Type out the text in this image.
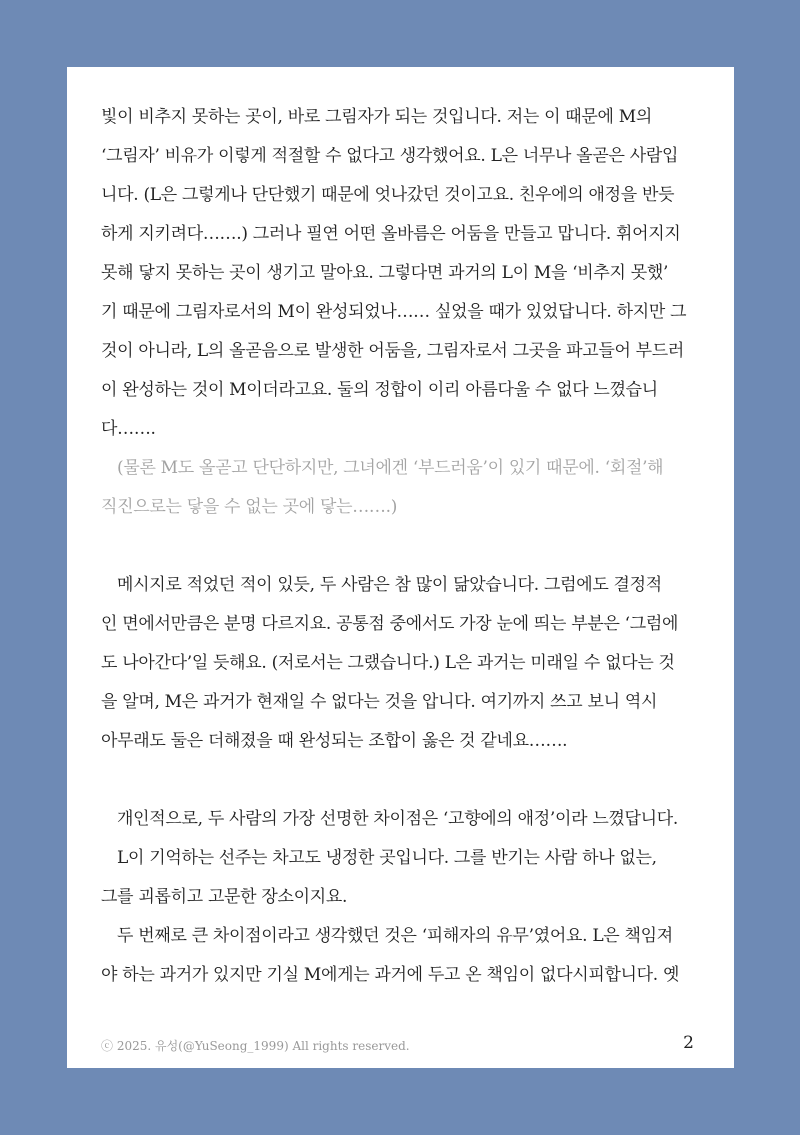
빛이 비추지 못하는 곳이, 바로 그림자가 되는 것입니다. 저는 이 때문에 M의
‘그림자’ 비유가 이렇게 적절할 수 없다고 생각했어요. L은 너무나 올곧은 사람입
니다. (L은 그렇게나 단단했기 때문에 엇나갔던 것이고요. 친우에의 애정을 반듯
하게 지키려다…….) 그러나 필연 어떤 올바름은 어둠을 만들고 맙니다. 휘어지지
못해 닿지 못하는 곳이 생기고 말아요. 그렇다면 과거의 L이 M을 ‘비추지 못했’
기 때문에 그림자로서의 M이 완성되었나…… 싶었을 때가 있었답니다. 하지만 그
것이 아니라, L의 올곧음으로 발생한 어둠을, 그림자로서 그곳을 파고들어 부드러
이 완성하는 것이 M이더라고요. 둘의 정합이 이리 아름다울 수 없다 느꼈습니
다…….
(물론 M도 올곧고 단단하지만, 그녀에겐 ‘부드러움’이 있기 때문에. ‘회절’해
직진으로는 닿을 수 없는 곳에 닿는…….)
메시지로 적었던 적이 있듯, 두 사람은 참 많이 닮았습니다. 그럼에도 결정적
인 면에서만큼은 분명 다르지요. 공통점 중에서도 가장 눈에 띄는 부분은 ‘그럼에
도 나아간다’일 듯해요. (저로서는 그랬습니다.) L은 과거는 미래일 수 없다는 것
을 알며, M은 과거가 현재일 수 없다는 것을 압니다. 여기까지 쓰고 보니 역시
아무래도 둘은 더해졌을 때 완성되는 조합이 옳은 것 같네요…….
개인적으로, 두 사람의 가장 선명한 차이점은 ‘고향에의 애정’이라 느꼈답니다.
L이 기억하는 선주는 차고도 냉정한 곳입니다. 그를 반기는 사람 하나 없는,
그를 괴롭히고 고문한 장소이지요.
두 번째로 큰 차이점이라고 생각했던 것은 ‘피해자의 유무’였어요. L은 책임져
야 하는 과거가 있지만 기실 M에게는 과거에 두고 온 책임이 없다시피합니다. 옛
ⓒ 2025. 유성(@YuSeong_1999) All rights reserved.	2
